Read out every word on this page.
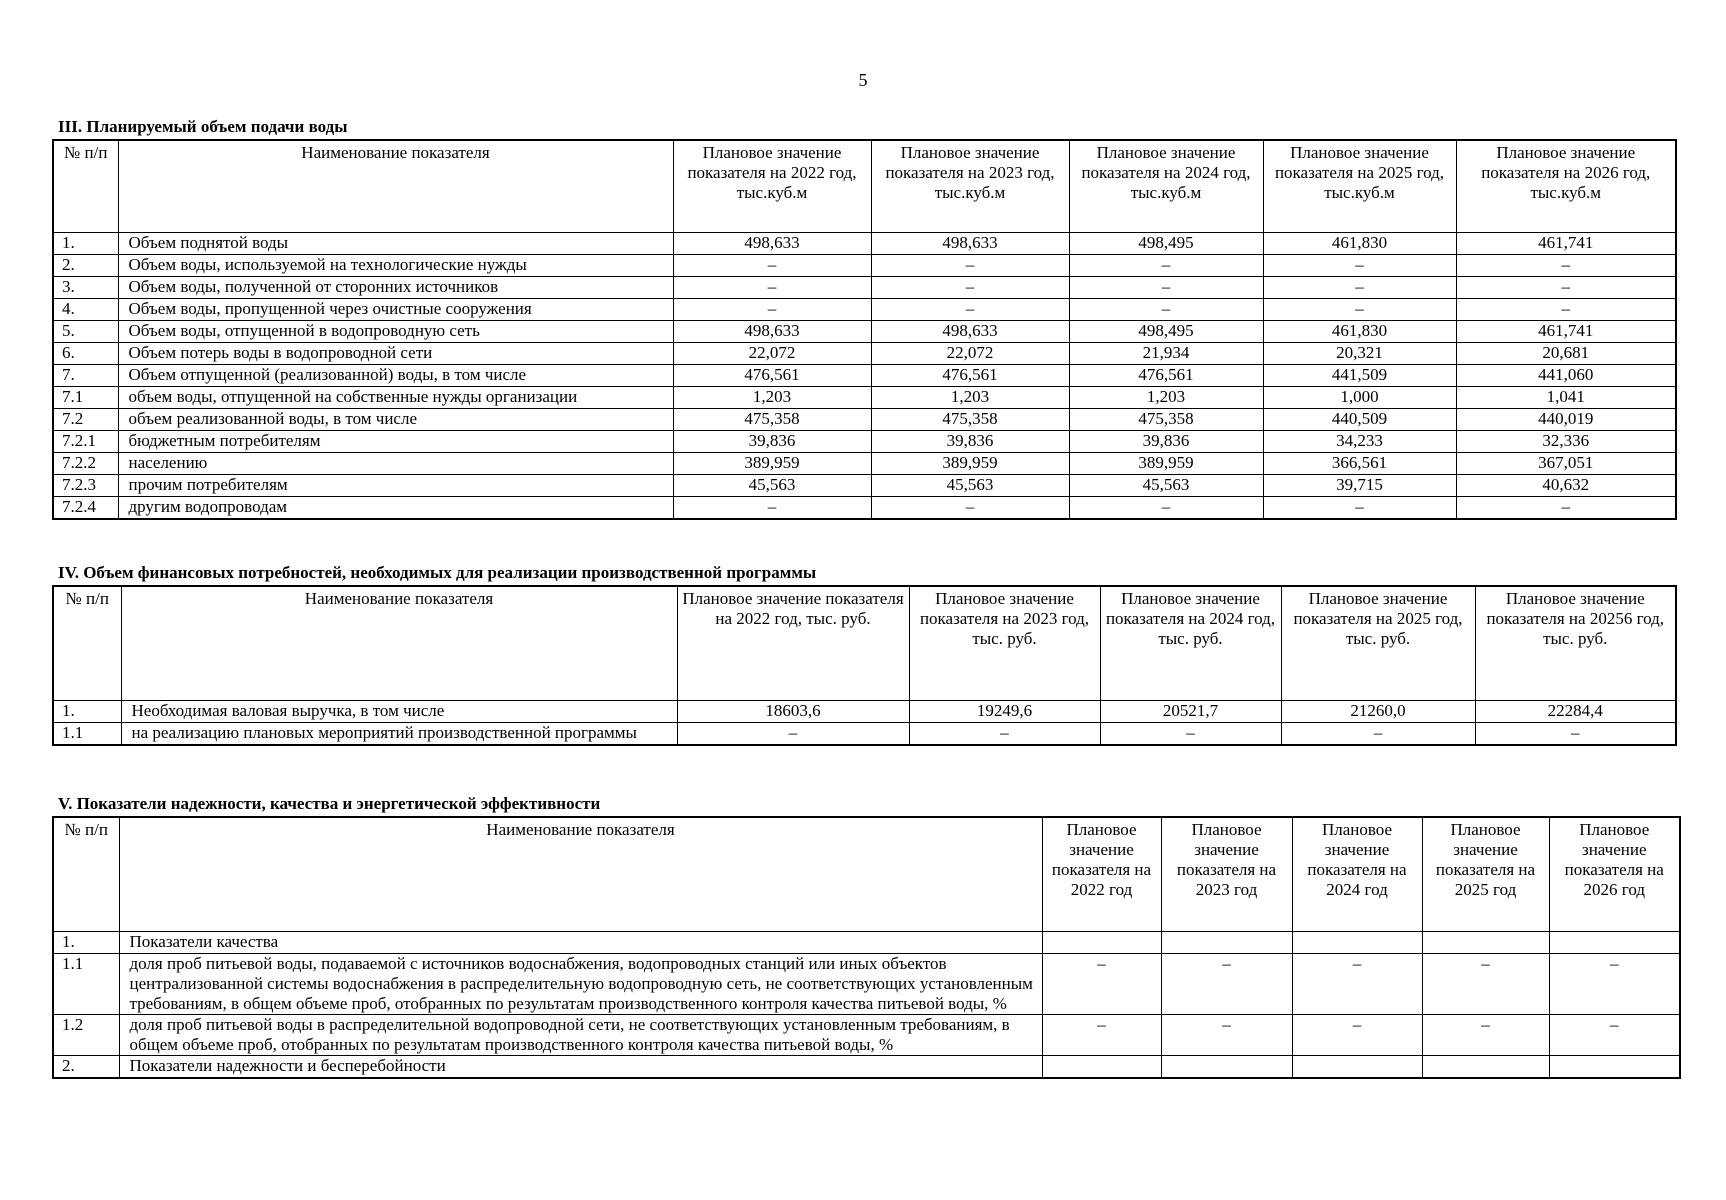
5
III. Планируемый объем подачи воды
№ п/п	Наименование показателя	Плановое значение показателя на 2022 год, тыс.куб.м	Плановое значение показателя на 2023 год, тыс.куб.м	Плановое значение показателя на 2024 год, тыс.куб.м	Плановое значение показателя на 2025 год, тыс.куб.м	Плановое значение показателя на 2026 год, тыс.куб.м
1.	Объем поднятой воды	498,633	498,633	498,495	461,830	461,741
2.	Объем воды, используемой на технологические нужды	–	–	–	–	–
3.	Объем воды, полученной от сторонних источников	–	–	–	–	–
4.	Объем воды, пропущенной через очистные сооружения	–	–	–	–	–
5.	Объем воды, отпущенной в водопроводную сеть	498,633	498,633	498,495	461,830	461,741
6.	Объем потерь воды в водопроводной сети	22,072	22,072	21,934	20,321	20,681
7.	Объем отпущенной (реализованной) воды, в том числе	476,561	476,561	476,561	441,509	441,060
7.1	объем воды, отпущенной на собственные нужды организации	1,203	1,203	1,203	1,000	1,041
7.2	объем реализованной воды, в том числе	475,358	475,358	475,358	440,509	440,019
7.2.1	бюджетным потребителям	39,836	39,836	39,836	34,233	32,336
7.2.2	населению	389,959	389,959	389,959	366,561	367,051
7.2.3	прочим потребителям	45,563	45,563	45,563	39,715	40,632
7.2.4	другим водопроводам	–	–	–	–	–
IV. Объем финансовых потребностей, необходимых для реализации производственной программы
№ п/п	Наименование показателя	Плановое значение показателя на 2022 год, тыс. руб.	Плановое значение показателя на 2023 год, тыс. руб.	Плановое значение показателя на 2024 год, тыс. руб.	Плановое значение показателя на 2025 год, тыс. руб.	Плановое значение показателя на 20256 год, тыс. руб.
1.	Необходимая валовая выручка, в том числе	18603,6	19249,6	20521,7	21260,0	22284,4
1.1	на реализацию плановых мероприятий производственной программы	–	–	–	–	–
V. Показатели надежности, качества и энергетической эффективности
№ п/п	Наименование показателя	Плановое значение показателя на 2022 год	Плановое значение показателя на 2023 год	Плановое значение показателя на 2024 год	Плановое значение показателя на 2025 год	Плановое значение показателя на 2026 год
1.	Показатели качества					
1.1	доля проб питьевой воды, подаваемой с источников водоснабжения, водопроводных станций или иных объектов централизованной системы водоснабжения в распределительную водопроводную сеть, не соответствующих установленным требованиям, в общем объеме проб, отобранных по результатам производственного контроля качества питьевой воды, %	–	–	–	–	–
1.2	доля проб питьевой воды в распределительной водопроводной сети, не соответствующих установленным требованиям, в общем объеме проб, отобранных по результатам производственного контроля качества питьевой воды, %	–	–	–	–	–
2.	Показатели надежности и бесперебойности					
